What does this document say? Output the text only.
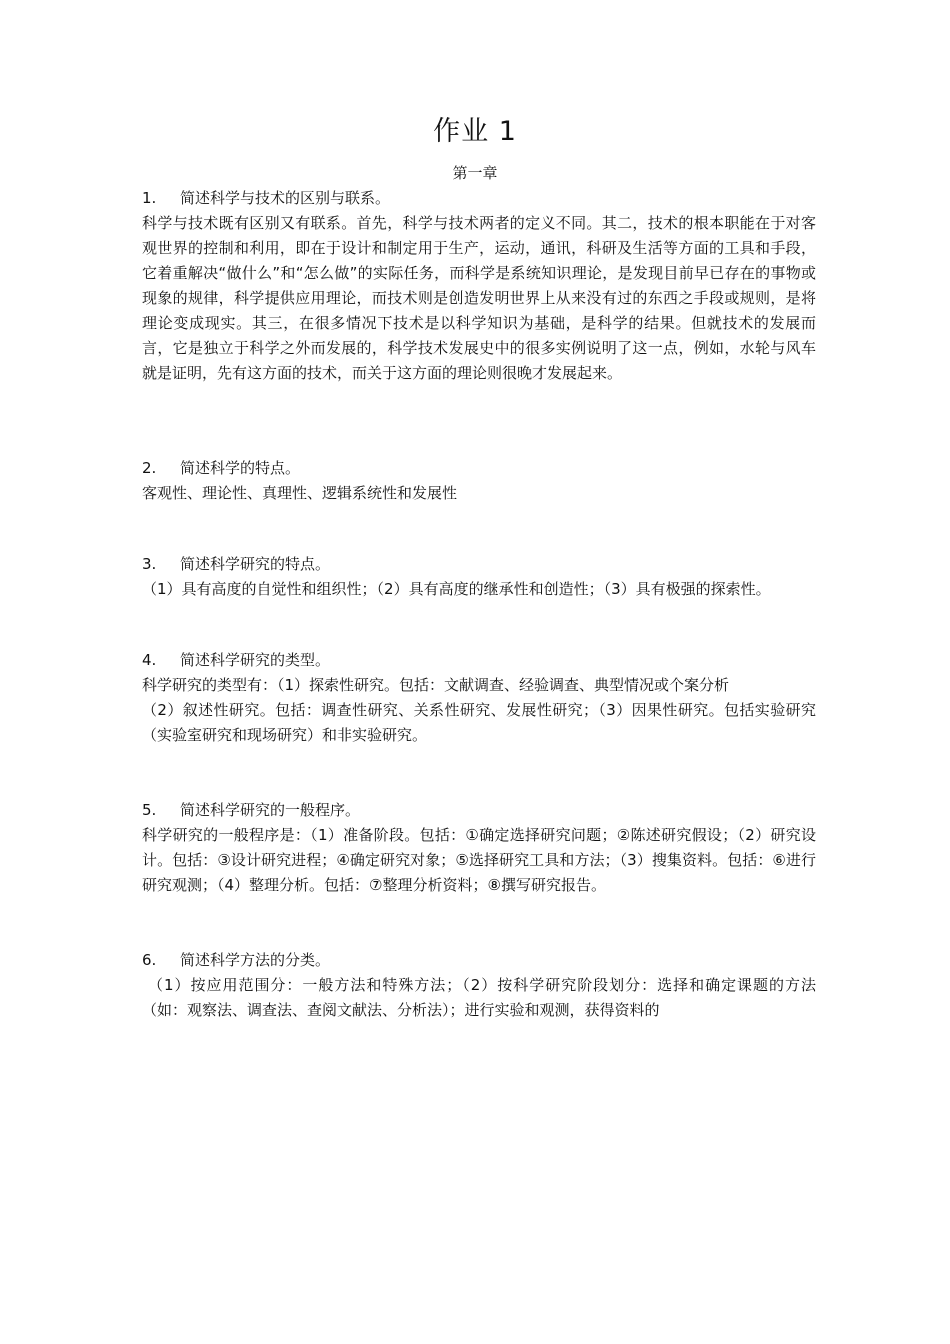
作业 1
第一章
1.	简述科学与技术的区别与联系。

科学与技术既有区别又有联系。首先，科学与技术两者的定义不同。其二，技术的根本职能在于对客观世界的控制和利用，即在于设计和制定用于生产，运动，通讯，科研及生活等方面的工具和手段，它着重解决“做什么”和“怎么做”的实际任务，而科学是系统知识理论，是发现目前早已存在的事物或现象的规律，科学提供应用理论，而技术则是创造发明世界上从来没有过的东西之手段或规则，是将理论变成现实。其三，在很多情况下技术是以科学知识为基础，是科学的结果。但就技术的发展而言，它是独立于科学之外而发展的，科学技术发展史中的很多实例说明了这一点，例如，水轮与风车就是证明，先有这方面的技术，而关于这方面的理论则很晚才发展起来。

2.	简述科学的特点。

客观性、理论性、真理性、逻辑系统性和发展性

3.	简述科学研究的特点。

（1）具有高度的自觉性和组织性；（2）具有高度的继承性和创造性；（3）具有极强的探索性。

4.	简述科学研究的类型。

科学研究的类型有：（1）探索性研究。包括：文献调查、经验调查、典型情况或个案分析

（2）叙述性研究。包括：调查性研究、关系性研究、发展性研究；（3）因果性研究。包括实验研究（实验室研究和现场研究）和非实验研究。

5.	简述科学研究的一般程序。

科学研究的一般程序是：（1）准备阶段。包括：①确定选择研究问题；②陈述研究假设；（2）研究设计。包括：③设计研究进程；④确定研究对象；⑤选择研究工具和方法；（3）搜集资料。包括：⑥进行研究观测；（4）整理分析。包括：⑦整理分析资料；⑧撰写研究报告。

6.	简述科学方法的分类。

（1）按应用范围分：一般方法和特殊方法；（2）按科学研究阶段划分：选择和确定课题的方法（如：观察法、调查法、查阅文献法、分析法）；进行实验和观测，获得资料的
